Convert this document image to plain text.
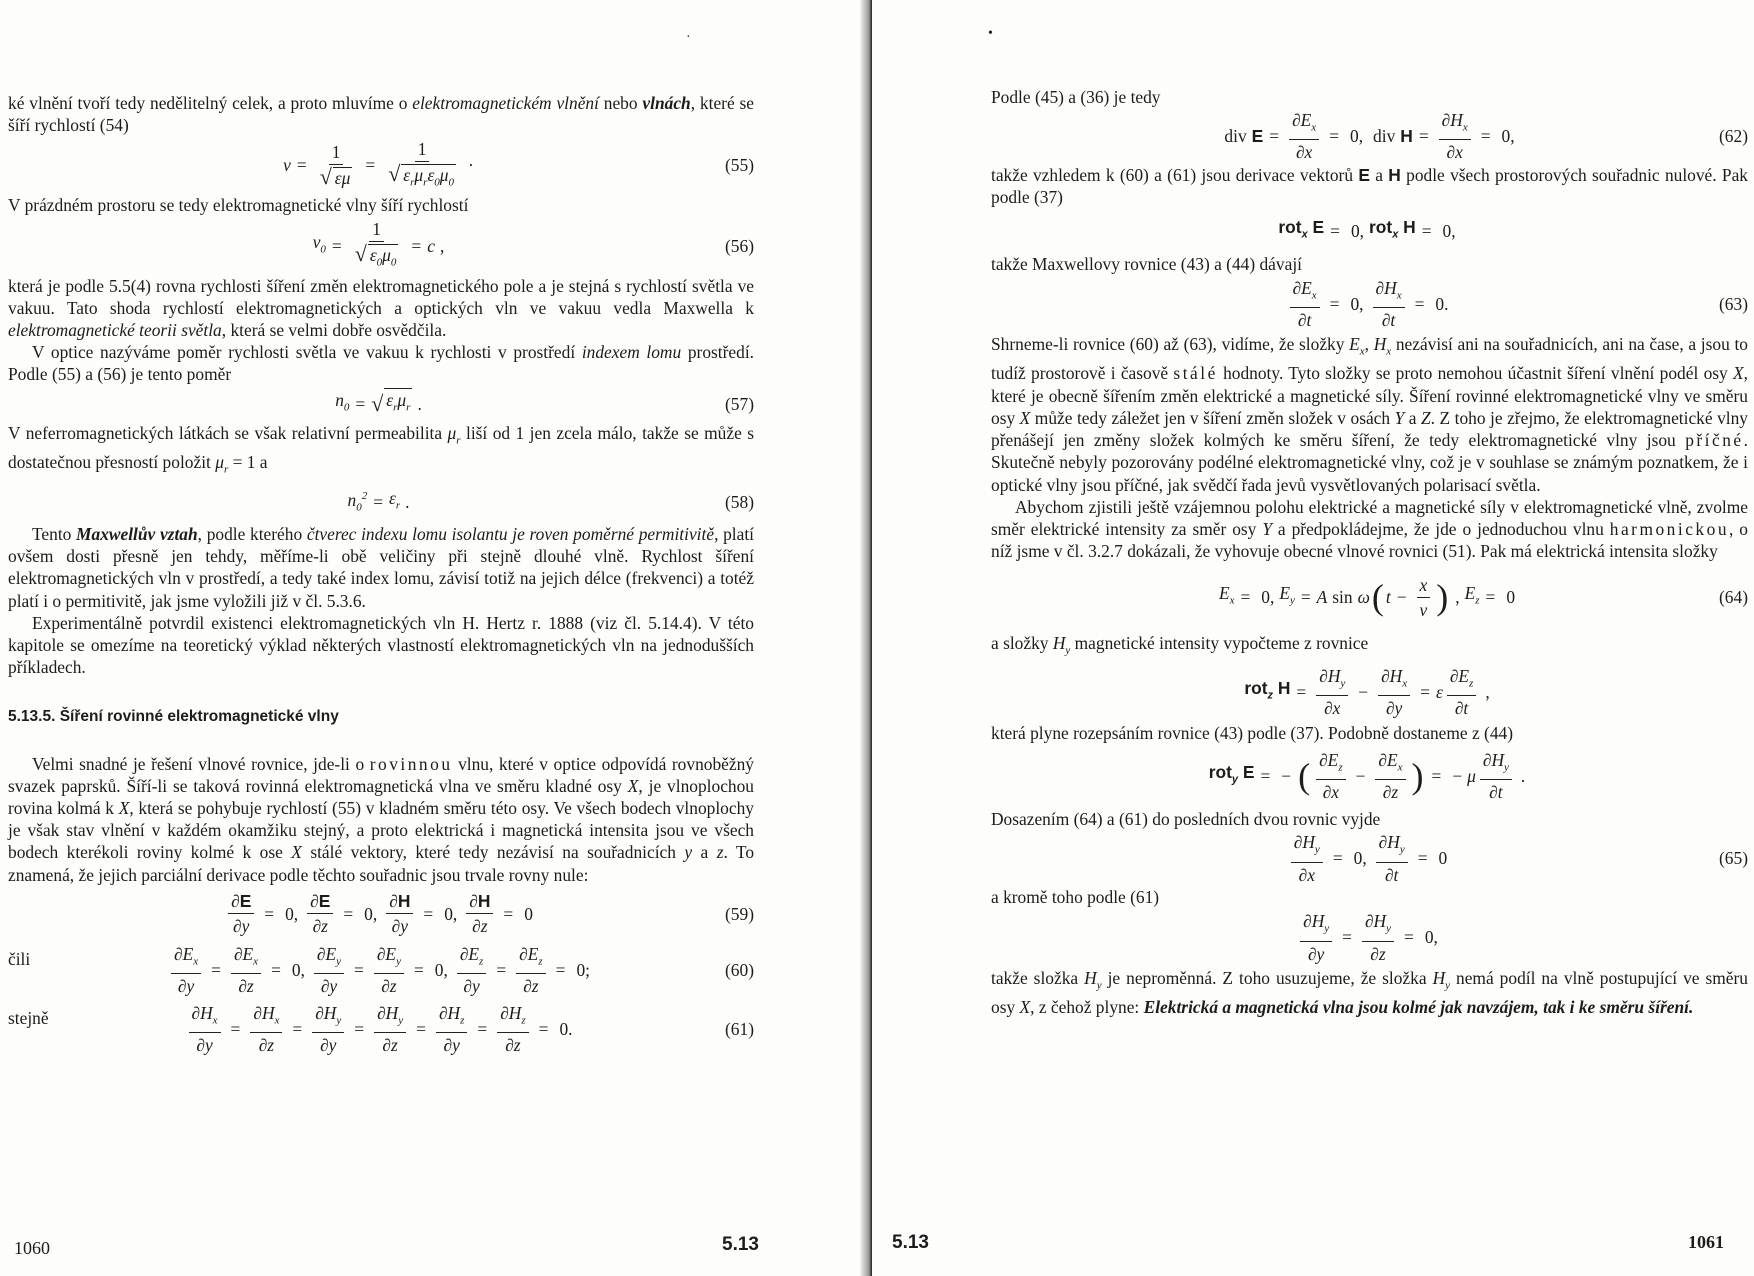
·

ké vlnění tvoří tedy nedělitelný celek, a proto mluvíme o elektromagnetickém vlnění nebo vlnách, které se šíří rychlostí (54)

$v = \frac{1}{√ \varepsilon\mu} = \frac{1}{√ \varepsilon_r\mu_r\varepsilon_0\mu_0}$ ·	(55)

V prázdném prostoru se tedy elektromagnetické vlny šíří rychlostí

$v_0 = \frac{1}{√ \varepsilon_0\mu_0} = c$ ,	(56)

která je podle 5.5(4) rovna rychlosti šíření změn elektromagnetického pole a je stejná s rychlostí světla ve vakuu. Tato shoda rychlostí elektromagnetických a optických vln ve vakuu vedla Maxwella k elektromagnetické teorii světla, která se velmi dobře osvědčila.

V optice nazýváme poměr rychlosti světla ve vakuu k rychlosti v prostředí indexem lomu prostředí. Podle (55) a (56) je tento poměr

$n_0$ = √ $\varepsilon_r\mu_r$ .	(57)

V neferromagnetických látkách se však relativní permeabilita $\mu_r$ liší od 1 jen zcela málo, takže se může s dostatečnou přesností položit $\mu_r = 1$ a

$n_0^2 = \varepsilon_r$ .	(58)

Tento Maxwellův vztah, podle kterého čtverec indexu lomu isolantu je roven poměrné permitivitě, platí ovšem dosti přesně jen tehdy, měříme-li obě veličiny při stejně dlouhé vlně. Rychlost šíření elektromagnetických vln v prostředí, a tedy také index lomu, závisí totiž na jejich délce (frekvenci) a totéž platí i o permitivitě, jak jsme vyložili již v čl. 5.3.6.

Experimentálně potvrdil existenci elektromagnetických vln H. Hertz r. 1888 (viz čl. 5.14.4). V této kapitole se omezíme na teoretický výklad některých vlastností elektromagnetických vln na jednodušších příkladech.

5.13.5. Šíření rovinné elektromagnetické vlny

Velmi snadné je řešení vlnové rovnice, jde-li o rovinnou vlnu, které v optice odpovídá rovnoběžný svazek paprsků. Šíří-li se taková rovinná elektromagnetická vlna ve směru kladné osy X, je vlnoplochou rovina kolmá k X, která se pohybuje rychlostí (55) v kladném směru této osy. Ve všech bodech vlnoplochy je však stav vlnění v každém okamžiku stejný, a proto elektrická i magnetická intensita jsou ve všech bodech kterékoli roviny kolmé k ose X stálé vektory, které tedy nezávisí na souřadnicích y a z. To znamená, že jejich parciální derivace podle těchto souřadnic jsou trvale rovny nule:

$\frac{\partial E}{\partial y} = 0$, $\frac{\partial E}{\partial z} = 0$, $\frac{\partial H}{\partial y} = 0$, $\frac{\partial H}{\partial z} = 0$	(59)
čili	$\frac{\partial E_x}{\partial y} = \frac{\partial E_x}{\partial z} = 0$, $\frac{\partial E_y}{\partial y} = \frac{\partial E_y}{\partial z} = 0$, $\frac{\partial E_z}{\partial y} = \frac{\partial E_z}{\partial z} = 0$;	(60)
stejně	$\frac{\partial H_x}{\partial y} = \frac{\partial H_x}{\partial z} = \frac{\partial H_y}{\partial y} = \frac{\partial H_y}{\partial z} = \frac{\partial H_z}{\partial y} = \frac{\partial H_z}{\partial z} = 0$.	(61)
1060	5.13
•

Podle (45) a (36) je tedy

div $E = \frac{\partial E_x}{\partial x} = 0$, div $H = \frac{\partial H_x}{\partial x} = 0$,	(62)

takže vzhledem k (60) a (61) jsou derivace vektorů E a H podle všech prostorových souřadnic nulové. Pak podle (37)

rot$_x$ E = 0, rot$_x$ H = 0,

takže Maxwellovy rovnice (43) a (44) dávají

$\frac{\partial E_x}{\partial t} = 0$, $\frac{\partial H_x}{\partial t} = 0$.	(63)

Shrneme-li rovnice (60) až (63), vidíme, že složky $E_x$, $H_x$ nezávisí ani na souřadnicích, ani na čase, a jsou to tudíž prostorově i časově stálé hodnoty. Tyto složky se proto nemohou účastnit šíření vlnění podél osy X, které je obecně šířením změn elektrické a magnetické síly. Šíření rovinné elektromagnetické vlny ve směru osy X může tedy záležet jen v šíření změn složek v osách Y a Z. Z toho je zřejmo, že elektromagnetické vlny přenášejí jen změny složek kolmých ke směru šíření, že tedy elektromagnetické vlny jsou příčné. Skutečně nebyly pozorovány podélné elektromagnetické vlny, což je v souhlase se známým poznatkem, že i optické vlny jsou příčné, jak svědčí řada jevů vysvětlovaných polarisací světla.

Abychom zjistili ještě vzájemnou polohu elektrické a magnetické síly v elektromagnetické vlně, zvolme směr elektrické intensity za směr osy Y a předpokládejme, že jde o jednoduchou vlnu harmonickou, o níž jsme v čl. 3.2.7 dokázali, že vyhovuje obecné vlnové rovnici (51). Pak má elektrická intensita složky

$E_x = 0$, $E_y = A$ sin ω ( $t - \frac{x}{v}$ ) , $E_z = 0$	(64)

a složky $H_y$ magnetické intensity vypočteme z rovnice

rot$_z$ $H = \frac{\partial H_y}{\partial x} - \frac{\partial H_x}{\partial y} = \varepsilon \frac{\partial E_z}{\partial t}$ ,

která plyne rozepsáním rovnice (43) podle (37). Podobně dostaneme z (44)

rot$_y$ E = − ( $\frac{\partial E_z}{\partial x} - \frac{\partial E_x}{\partial z}$ ) = − μ $\frac{\partial H_y}{\partial t}$ .

Dosazením (64) a (61) do posledních dvou rovnic vyjde

$\frac{\partial H_y}{\partial x} = 0$, $\frac{\partial H_y}{\partial t} = 0$	(65)

a kromě toho podle (61)

$\frac{\partial H_y}{\partial y} = \frac{\partial H_y}{\partial z} = 0$,

takže složka $H_y$ je neproměnná. Z toho usuzujeme, že složka $H_y$ nemá podíl na vlně postupující ve směru osy X, z čehož plyne: Elektrická a magnetická vlna jsou kolmé jak navzájem, tak i ke směru šíření.

5.13	1061
